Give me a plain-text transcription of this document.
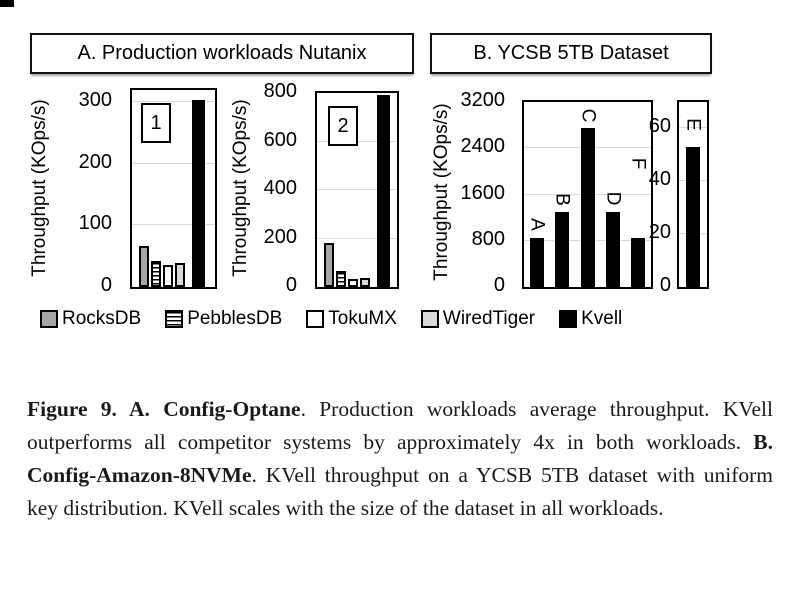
A. Production workloads Nutanix	B. YCSB 5TB Dataset
Throughput (KOps/s)
0
100
200
300
1	Throughput (KOps/s)
0
200
400
600
800
2	Throughput (KOps/s)
0
800
1600
2400
3200
A
B
C
D
F
0
20
40
60 E
RocksDB PebblesDB TokuMX WiredTiger Kvell

Figure 9. A. Config-Optane. Production workloads average throughput. KVell outperforms all competitor systems by approximately 4x in both workloads. B. Config-Amazon-8NVMe. KVell throughput on a YCSB 5TB dataset with uniform key distribution. KVell scales with the size of the dataset in all workloads.
